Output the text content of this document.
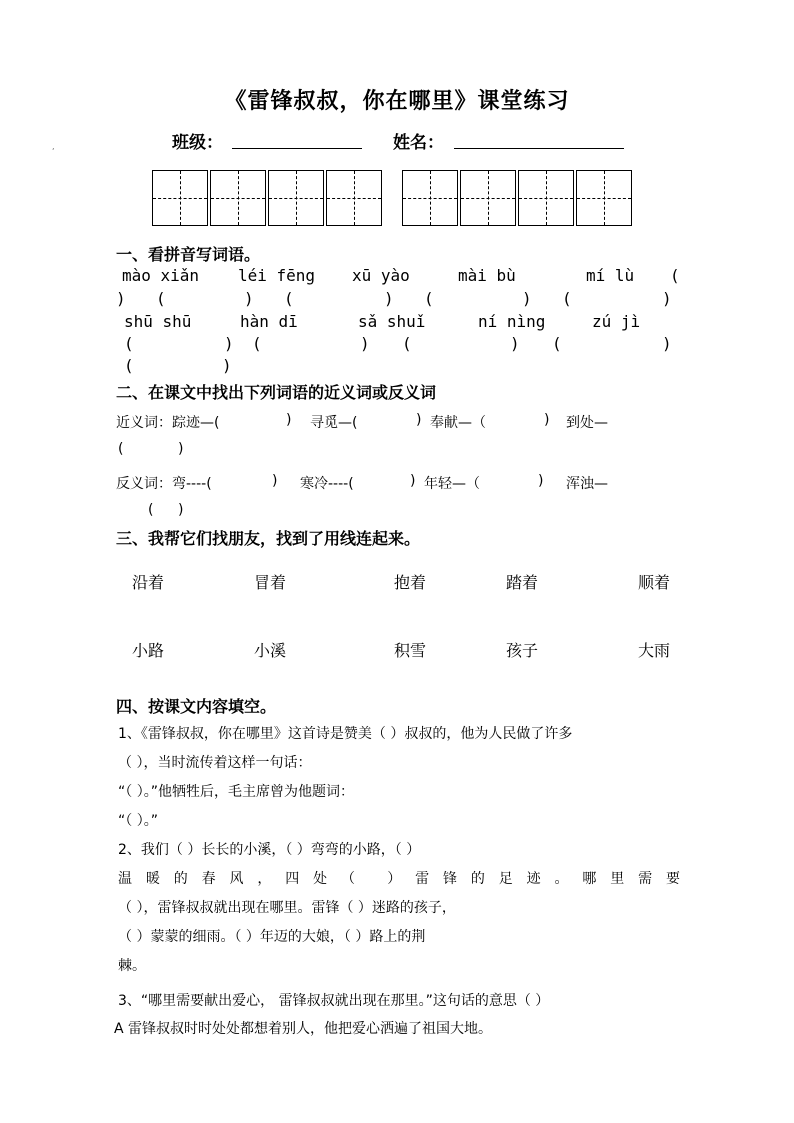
《雷锋叔叔，你在哪里》课堂练习
,	班级：	姓名：
一、看拼音写词语。
mào xiǎn léi fēng xū yào	mài bù	mí lù (
) (	) (	) (	) (	)
shū shū	hàn dī	sǎ shuǐ	ní nìng	zú jì
(	) (	) (	) (	)
(	)
二、在课文中找出下列词语的近义词或反义词
近义词： 踪迹—(	) 寻觅—(	) 奉献—（	) 到处—
(	)
反义词： 弯----(	) 寒冷----(	) 年轻—（	) 浑浊—
( )
三、我帮它们找朋友，找到了用线连起来。
沿着	冒着	抱着	踏着	顺着
小路	小溪	积雪	孩子	大雨
四、按课文内容填空。
1、《雷锋叔叔，你在哪里》这首诗是赞美（ ）叔叔的，他为人民做了许多
（ ），当时流传着这样一句话：
“（ ）。”他牺牲后，毛主席曾为他题词：
“（ ）。”
2、我们（ ）长长的小溪，（ ）弯弯的小路，（ ）
温暖的春风，四处（ ）雷锋的足迹。哪里需要
（ ），雷锋叔叔就出现在哪里。雷锋（ ）迷路的孩子，
（ ）蒙蒙的细雨。（ ）年迈的大娘，（ ）路上的荆
棘。
3、“哪里需要献出爱心， 雷锋叔叔就出现在那里。”这句话的意思（ ）
A 雷锋叔叔时时处处都想着别人，他把爱心洒遍了祖国大地。
